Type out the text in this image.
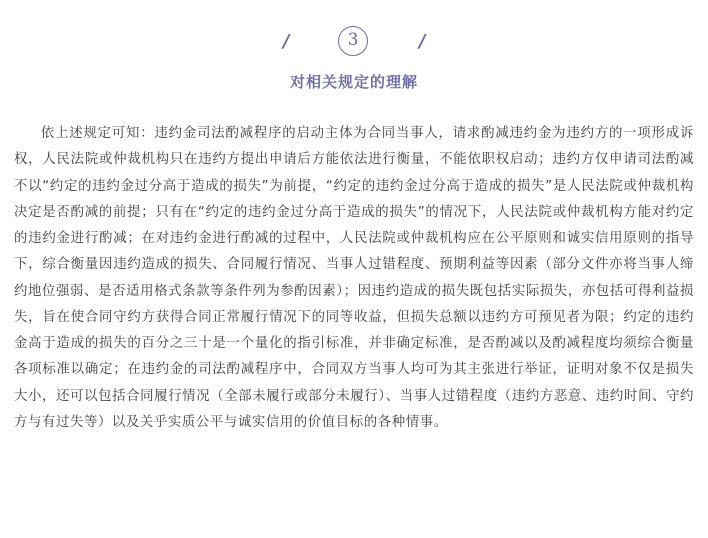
/	3	/
对相关规定的理解

依上述规定可知：违约金司法酌减程序的启动主体为合同当事人，请求酌减违约金为违约方的一项形成诉权，人民法院或仲裁机构只在违约方提出申请后方能依法进行衡量，不能依职权启动；违约方仅申请司法酌减不以“约定的违约金过分高于造成的损失”为前提，“约定的违约金过分高于造成的损失”是人民法院或仲裁机构决定是否酌减的前提；只有在“约定的违约金过分高于造成的损失”的情况下，人民法院或仲裁机构方能对约定的违约金进行酌减；在对违约金进行酌减的过程中，人民法院或仲裁机构应在公平原则和诚实信用原则的指导下，综合衡量因违约造成的损失、合同履行情况、当事人过错程度、预期利益等因素（部分文件亦将当事人缔约地位强弱、是否适用格式条款等条件列为参酌因素）；因违约造成的损失既包括实际损失，亦包括可得利益损失，旨在使合同守约方获得合同正常履行情况下的同等收益，但损失总额以违约方可预见者为限；约定的违约金高于造成的损失的百分之三十是一个量化的指引标准，并非确定标准，是否酌减以及酌减程度均须综合衡量各项标准以确定；在违约金的司法酌减程序中，合同双方当事人均可为其主张进行举证，证明对象不仅是损失大小，还可以包括合同履行情况（全部未履行或部分未履行）、当事人过错程度（违约方恶意、违约时间、守约方与有过失等）以及关乎实质公平与诚实信用的价值目标的各种情事。
